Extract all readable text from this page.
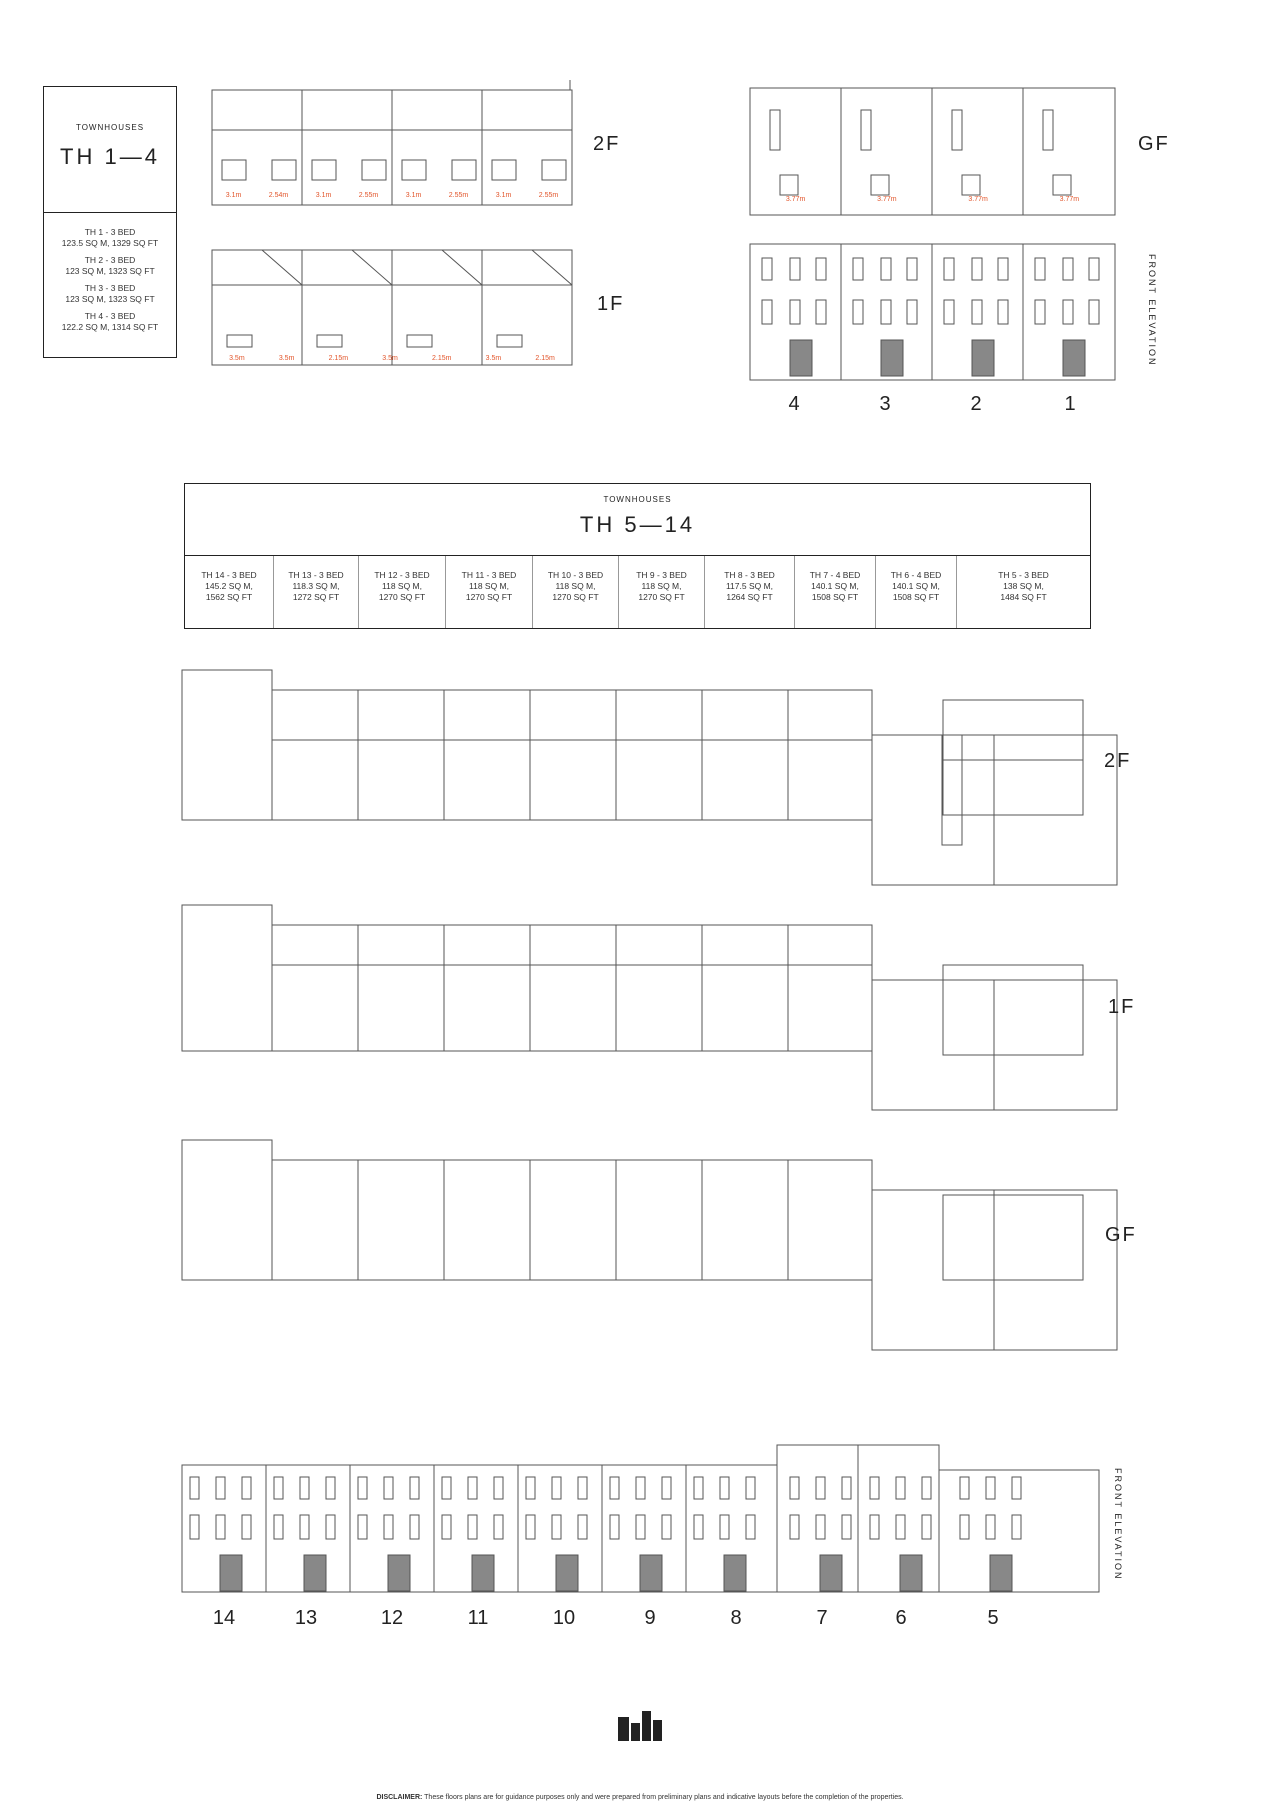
TOWNHOUSES
TH 1—4
TH 1 - 3 BED
123.5 SQ M, 1329 SQ FT
TH 2 - 3 BED
123 SQ M, 1323 SQ FT
TH 3 - 3 BED
123 SQ M, 1323 SQ FT
TH 4 - 3 BED
122.2 SQ M, 1314 SQ FT
3.1m	2.54m	3.1m	2.55m	3.1m	2.55m	3.1m	2.55m
2F
3.5m	3.5m	2.15m	3.5m	2.15m	3.5m	2.15m
1F
3.77m	3.77m	3.77m	3.77m
GF
FRONT ELEVATION
4	3	2	1
TOWNHOUSES
TH 5—14
TH 14 - 3 BED
145.2 SQ M,
1562 SQ FT
TH 13 - 3 BED
118.3 SQ M,
1272 SQ FT
TH 12 - 3 BED
118 SQ M,
1270 SQ FT
TH 11 - 3 BED
118 SQ M,
1270 SQ FT
TH 10 - 3 BED
118 SQ M,
1270 SQ FT
TH 9 - 3 BED
118 SQ M,
1270 SQ FT
TH 8 - 3 BED
117.5 SQ M,
1264 SQ FT
TH 7 - 4 BED
140.1 SQ M,
1508 SQ FT
TH 6 - 4 BED
140.1 SQ M,
1508 SQ FT
TH 5 - 3 BED
138 SQ M,
1484 SQ FT
2F
1F
GF
FRONT ELEVATION
14	13	12	11	10	9	8	7	6	5
DISCLAIMER: These floors plans are for guidance purposes only and were prepared from preliminary plans and indicative layouts before the completion of the properties.
